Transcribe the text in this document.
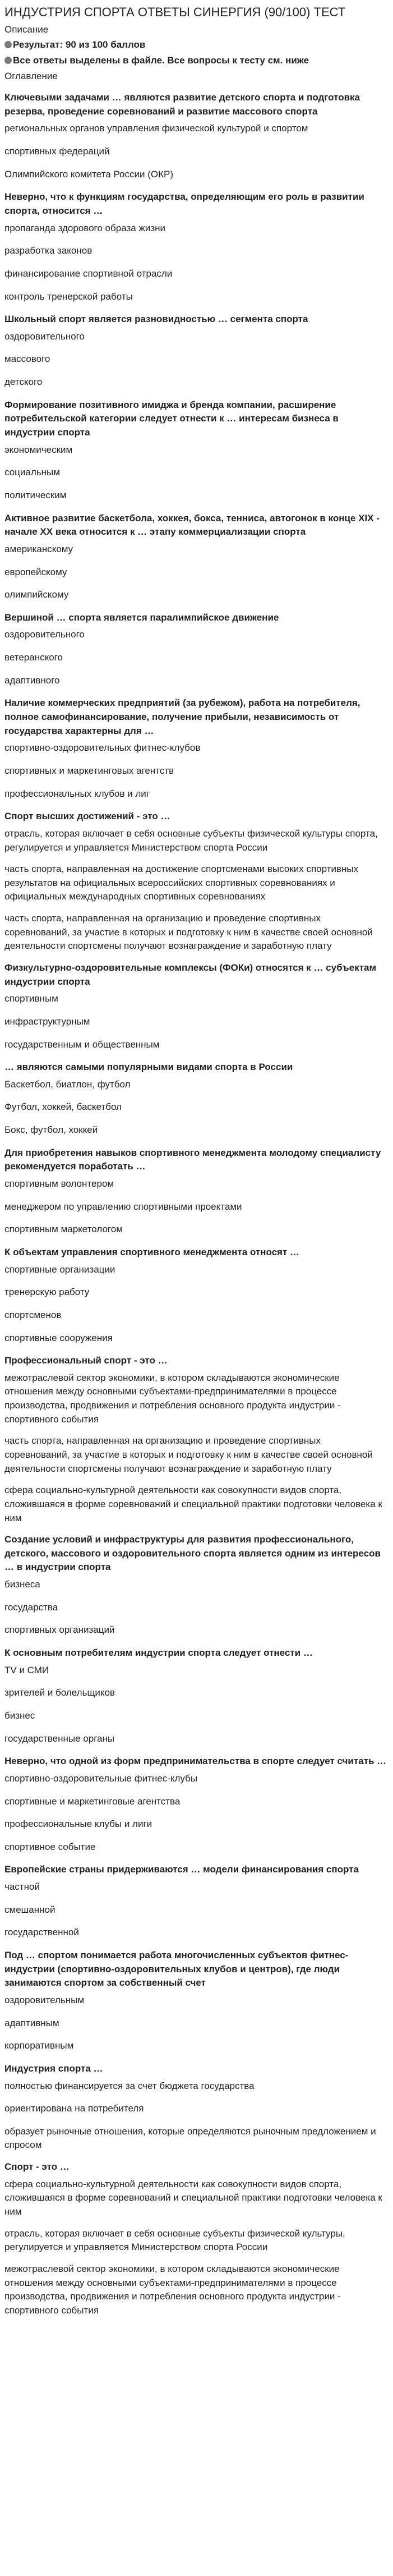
ИНДУСТРИЯ СПОРТА ОТВЕТЫ СИНЕРГИЯ (90/100) ТЕСТ
Описание
Результат: 90 из 100 баллов
Все ответы выделены в файле. Все вопросы к тесту см. ниже
Оглавление
Ключевыми задачами … являются развитие детского спорта и подготовка резерва, проведение соревнований и развитие массового спорта
региональных органов управления физической культурой и спортом
спортивных федераций
Олимпийского комитета России (ОКР)
Неверно, что к функциям государства, определяющим его роль в развитии спорта, относится …
пропаганда здорового образа жизни
разработка законов
финансирование спортивной отрасли
контроль тренерской работы
Школьный спорт является разновидностью … сегмента спорта
оздоровительного
массового
детского
Формирование позитивного имиджа и бренда компании, расширение потребительской категории следует отнести к … интересам бизнеса в индустрии спорта
экономическим
социальным
политическим
Активное развитие баскетбола, хоккея, бокса, тенниса, автогонок в конце XIX - начале XX века относится к … этапу коммерциализации спорта
американскому
европейскому
олимпийскому
Вершиной … спорта является паралимпийское движение
оздоровительного
ветеранского
адаптивного
Наличие коммерческих предприятий (за рубежом), работа на потребителя, полное самофинансирование, получение прибыли, независимость от государства характерны для …
спортивно-оздоровительных фитнес-клубов
спортивных и маркетинговых агентств
профессиональных клубов и лиг
Спорт высших достижений - это …
отрасль, которая включает в себя основные субъекты физической культуры спорта, регулируется и управляется Министерством спорта России
часть спорта, направленная на достижение спортсменами высоких спортивных результатов на официальных всероссийских спортивных соревнованиях и официальных международных спортивных соревнованиях
часть спорта, направленная на организацию и проведение спортивных соревнований, за участие в которых и подготовку к ним в качестве своей основной деятельности спортсмены получают вознаграждение и заработную плату
Физкультурно-оздоровительные комплексы (ФОКи) относятся к … субъектам индустрии спорта
спортивным
инфраструктурным
государственным и общественным
… являются самыми популярными видами спорта в России
Баскетбол, биатлон, футбол
Футбол, хоккей, баскетбол
Бокс, футбол, хоккей
Для приобретения навыков спортивного менеджмента молодому специалисту рекомендуется поработать …
спортивным волонтером
менеджером по управлению спортивными проектами
спортивным маркетологом
К объектам управления спортивного менеджмента относят …
спортивные организации
тренерскую работу
спортсменов
спортивные сооружения
Профессиональный спорт - это …
межотраслевой сектор экономики, в котором складываются экономические отношения между основными субъектами-предпринимателями в процессе производства, продвижения и потребления основного продукта индустрии - спортивного события
часть спорта, направленная на организацию и проведение спортивных соревнований, за участие в которых и подготовку к ним в качестве своей основной деятельности спортсмены получают вознаграждение и заработную плату
сфера социально-культурной деятельности как совокупности видов спорта, сложившаяся в форме соревнований и специальной практики подготовки человека к ним
Создание условий и инфраструктуры для развития профессионального, детского, массового и оздоровительного спорта является одним из интересов … в индустрии спорта
бизнеса
государства
спортивных организаций
К основным потребителям индустрии спорта следует отнести …
TV и СМИ
зрителей и болельщиков
бизнес
государственные органы
Неверно, что одной из форм предпринимательства в спорте следует считать …
спортивно-оздоровительные фитнес-клубы
спортивные и маркетинговые агентства
профессиональные клубы и лиги
спортивное событие
Европейские страны придерживаются … модели финансирования спорта
частной
смешанной
государственной
Под … спортом понимается работа многочисленных субъектов фитнес-индустрии (спортивно-оздоровительных клубов и центров), где люди занимаются спортом за собственный счет
оздоровительным
адаптивным
корпоративным
Индустрия спорта …
полностью финансируется за счет бюджета государства
ориентирована на потребителя
образует рыночные отношения, которые определяются рыночным предложением и спросом
Спорт - это …
сфера социально-культурной деятельности как совокупности видов спорта, сложившаяся в форме соревнований и специальной практики подготовки человека к ним
отрасль, которая включает в себя основные субъекты физической культуры, регулируется и управляется Министерством спорта России
межотраслевой сектор экономики, в котором складываются экономические отношения между основными субъектами-предпринимателями в процессе производства, продвижения и потребления основного продукта индустрии - спортивного события
